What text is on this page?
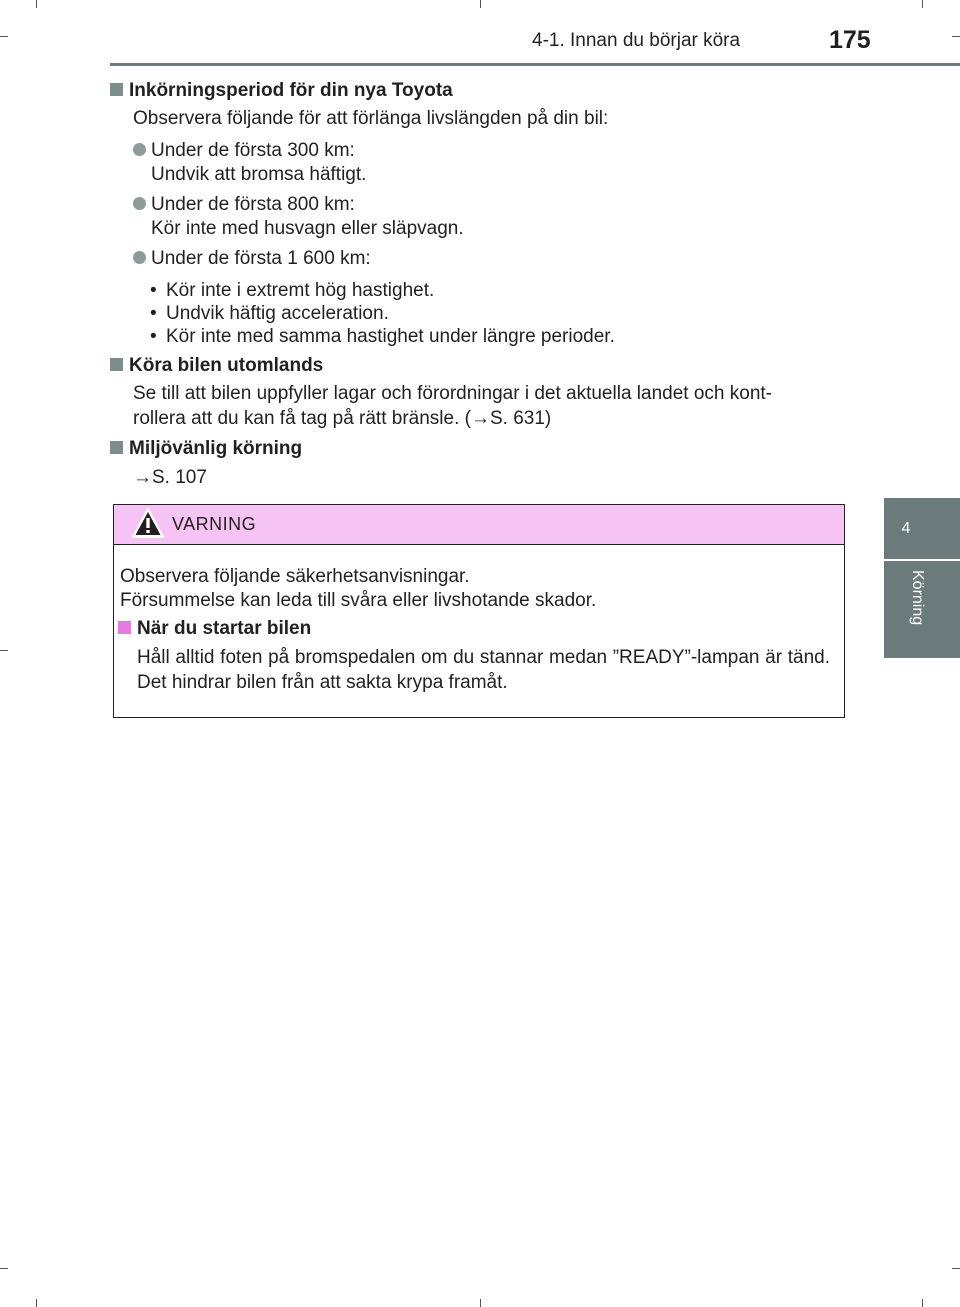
4-1. Innan du börjar köra	175
4
Körning
Inkörningsperiod för din nya Toyota
Observera följande för att förlänga livslängden på din bil:
Under de första 300 km:
Undvik att bromsa häftigt.
Under de första 800 km:
Kör inte med husvagn eller släpvagn.
Under de första 1 600 km:
• Kör inte i extremt hög hastighet.
• Undvik häftig acceleration.
• Kör inte med samma hastighet under längre perioder.
Köra bilen utomlands
Se till att bilen uppfyller lagar och förordningar i det aktuella landet och kont-
rollera att du kan få tag på rätt bränsle. (→S. 631)
Miljövänlig körning
→S. 107
VARNING
Observera följande säkerhetsanvisningar.
Försummelse kan leda till svåra eller livshotande skador.
När du startar bilen
Håll alltid foten på bromspedalen om du stannar medan ”READY”-lampan är tänd. Det hindrar bilen från att sakta krypa framåt.
